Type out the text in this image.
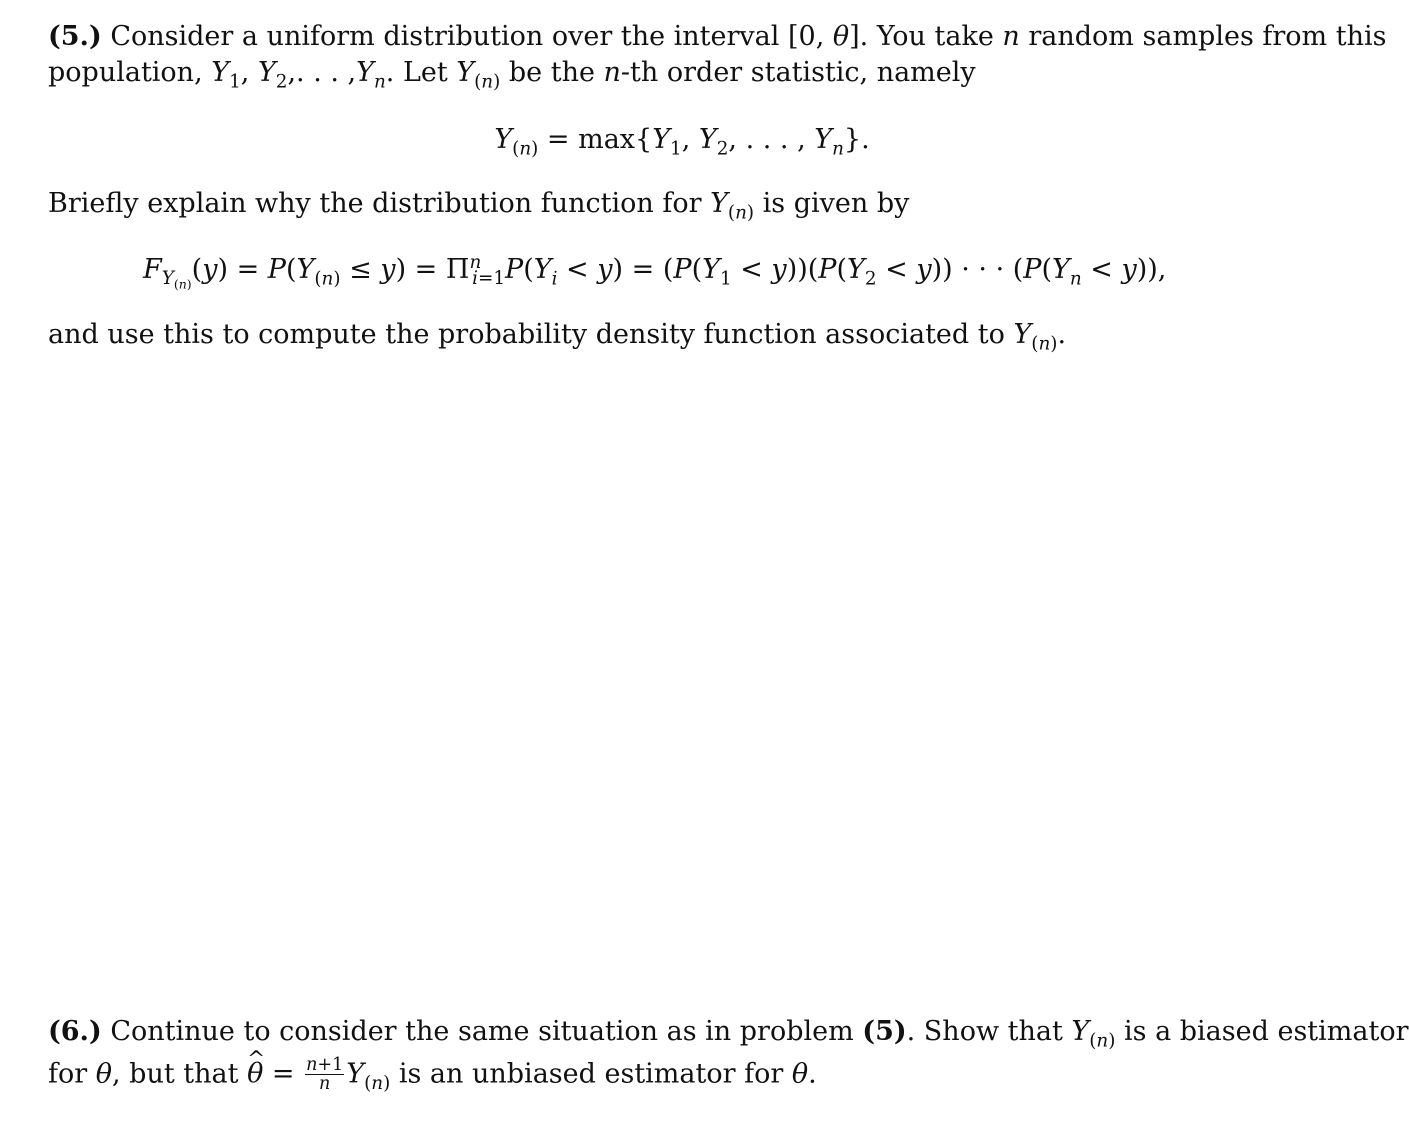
(5.) Consider a uniform distribution over the interval [0, θ]. You take n random samples from this
population, $Y_1$, $Y_2$,. . . $,Y_n$. Let $Y_{(n)}$ be the n-th order statistic, namely
$Y_{(n)} = \max\{Y_1$, $Y_2$, . . . , $Y_n$}.
Briefly explain why the distribution function for $Y_{(n)}$ is given by
$F_{Y_{(n)}}(y) = P(Y_{(n)} \le y) = \Pi^n_{i=1}P(Y_i < y) = (P(Y_1 < y))(P(Y_2 < y))$ · · · $(P(Y_n < y))$,
and use this to compute the probability density function associated to $Y_{(n)}$.
(6.) Continue to consider the same situation as in problem (5). Show that $Y_{(n)}$ is a biased estimator
for θ, but that ^ $\theta = \frac{n+1}{n} Y_{(n)}$ is an unbiased estimator for θ.
